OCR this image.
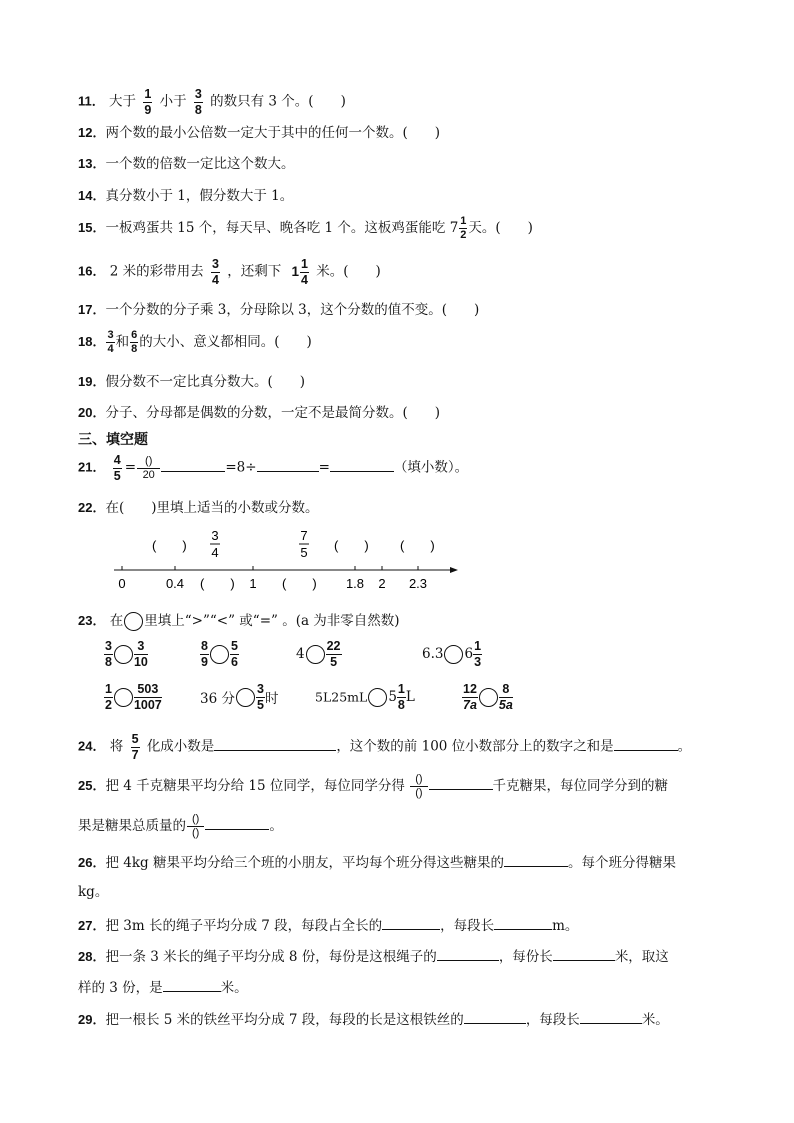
11． 大于 $\frac{1}{9}$ 小于 $\frac{3}{8}$ 的数只有 3 个。(　　)
12．两个数的最小公倍数一定大于其中的任何一个数。(　　)
13．一个数的倍数一定比这个数大。
14．真分数小于 1，假分数大于 1。
15．一板鸡蛋共 15 个，每天早、晚各吃 1 个。这板鸡蛋能吃 $7 \frac{1}{2}$ 天。(　　)
16． 2 米的彩带用去 $\frac{3}{4}$ ，还剩下 $1 \frac{1}{4}$ 米。(　　)
17．一个分数的分子乘 3，分母除以 3，这个分数的值不变。(　　)
18． $\frac{3}{4}$ 和 $\frac{6}{8}$ 的大小、意义都相同。(　　)
19．假分数不一定比真分数大。(　　)
20．分子、分母都是偶数的分数，一定不是最简分数。(　　)
三、填空题
21． $\frac{4}{5} = \frac{()}{20}$	=8÷	=	（填小数）。
22．在(　　)里填上适当的小数或分数。
0	0.4	1	1.8 2 2.3
(　　)
3
4
7
5 (　　) (　　)
(　　)	(　　)
23． 在 里填上“>”“<” 或“=” 。(a 为非零自然数)
$\frac{3}{8} \frac{3}{10}$	$\frac{8}{9} \frac{5}{6}$	$4 \frac{22}{5}$	6.3 $6 \frac{1}{3}$
$\frac{1}{2} \frac{503}{1007}$	36 分 $\frac{3}{5}$ 时	5L25mL $5 \frac{1}{8}$ L	$\frac{12}{7a} \frac{8}{5a}$
24． 将 $\frac{5}{7}$ 化成小数是	，这个数的前 100 位小数部分上的数字之和是	。
25．把 4 千克糖果平均分给 15 位同学，每位同学分得 $\frac{()}{()}$	千克糖果，每位同学分到的糖
果是糖果总质量的 $\frac{()}{()}$	。
26．把 4kg 糖果平均分给三个班的小朋友，平均每个班分得这些糖果的	。每个班分得糖果
kg。
27．把 3m 长的绳子平均分成 7 段，每段占全长的	，每段长	m。
28．把一条 3 米长的绳子平均分成 8 份，每份是这根绳子的	，每份长	米，取这
样的 3 份，是	米。
29．把一根长 5 米的铁丝平均分成 7 段，每段的长是这根铁丝的	，每段长	米。
